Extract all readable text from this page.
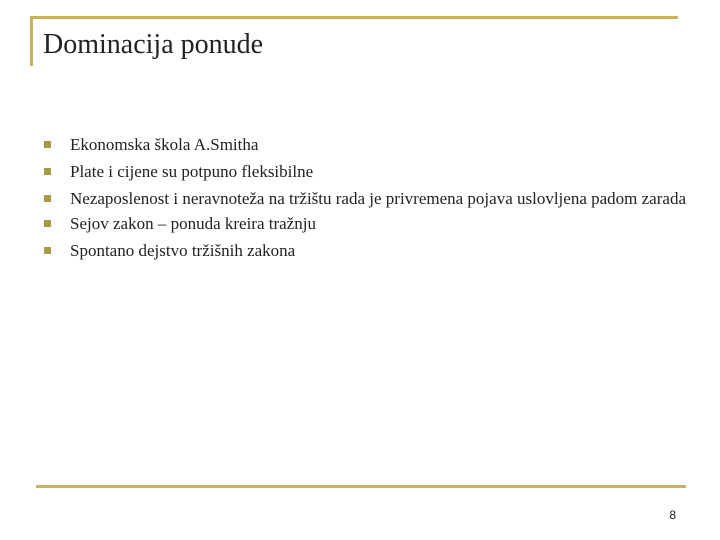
Dominacija ponude
Ekonomska škola A.Smitha
Plate i cijene su potpuno fleksibilne
Nezaposlenost i neravnoteža na tržištu rada je privremena pojava uslovljena padom zarada
Sejov zakon – ponuda kreira tražnju
Spontano dejstvo tržišnih zakona
8
